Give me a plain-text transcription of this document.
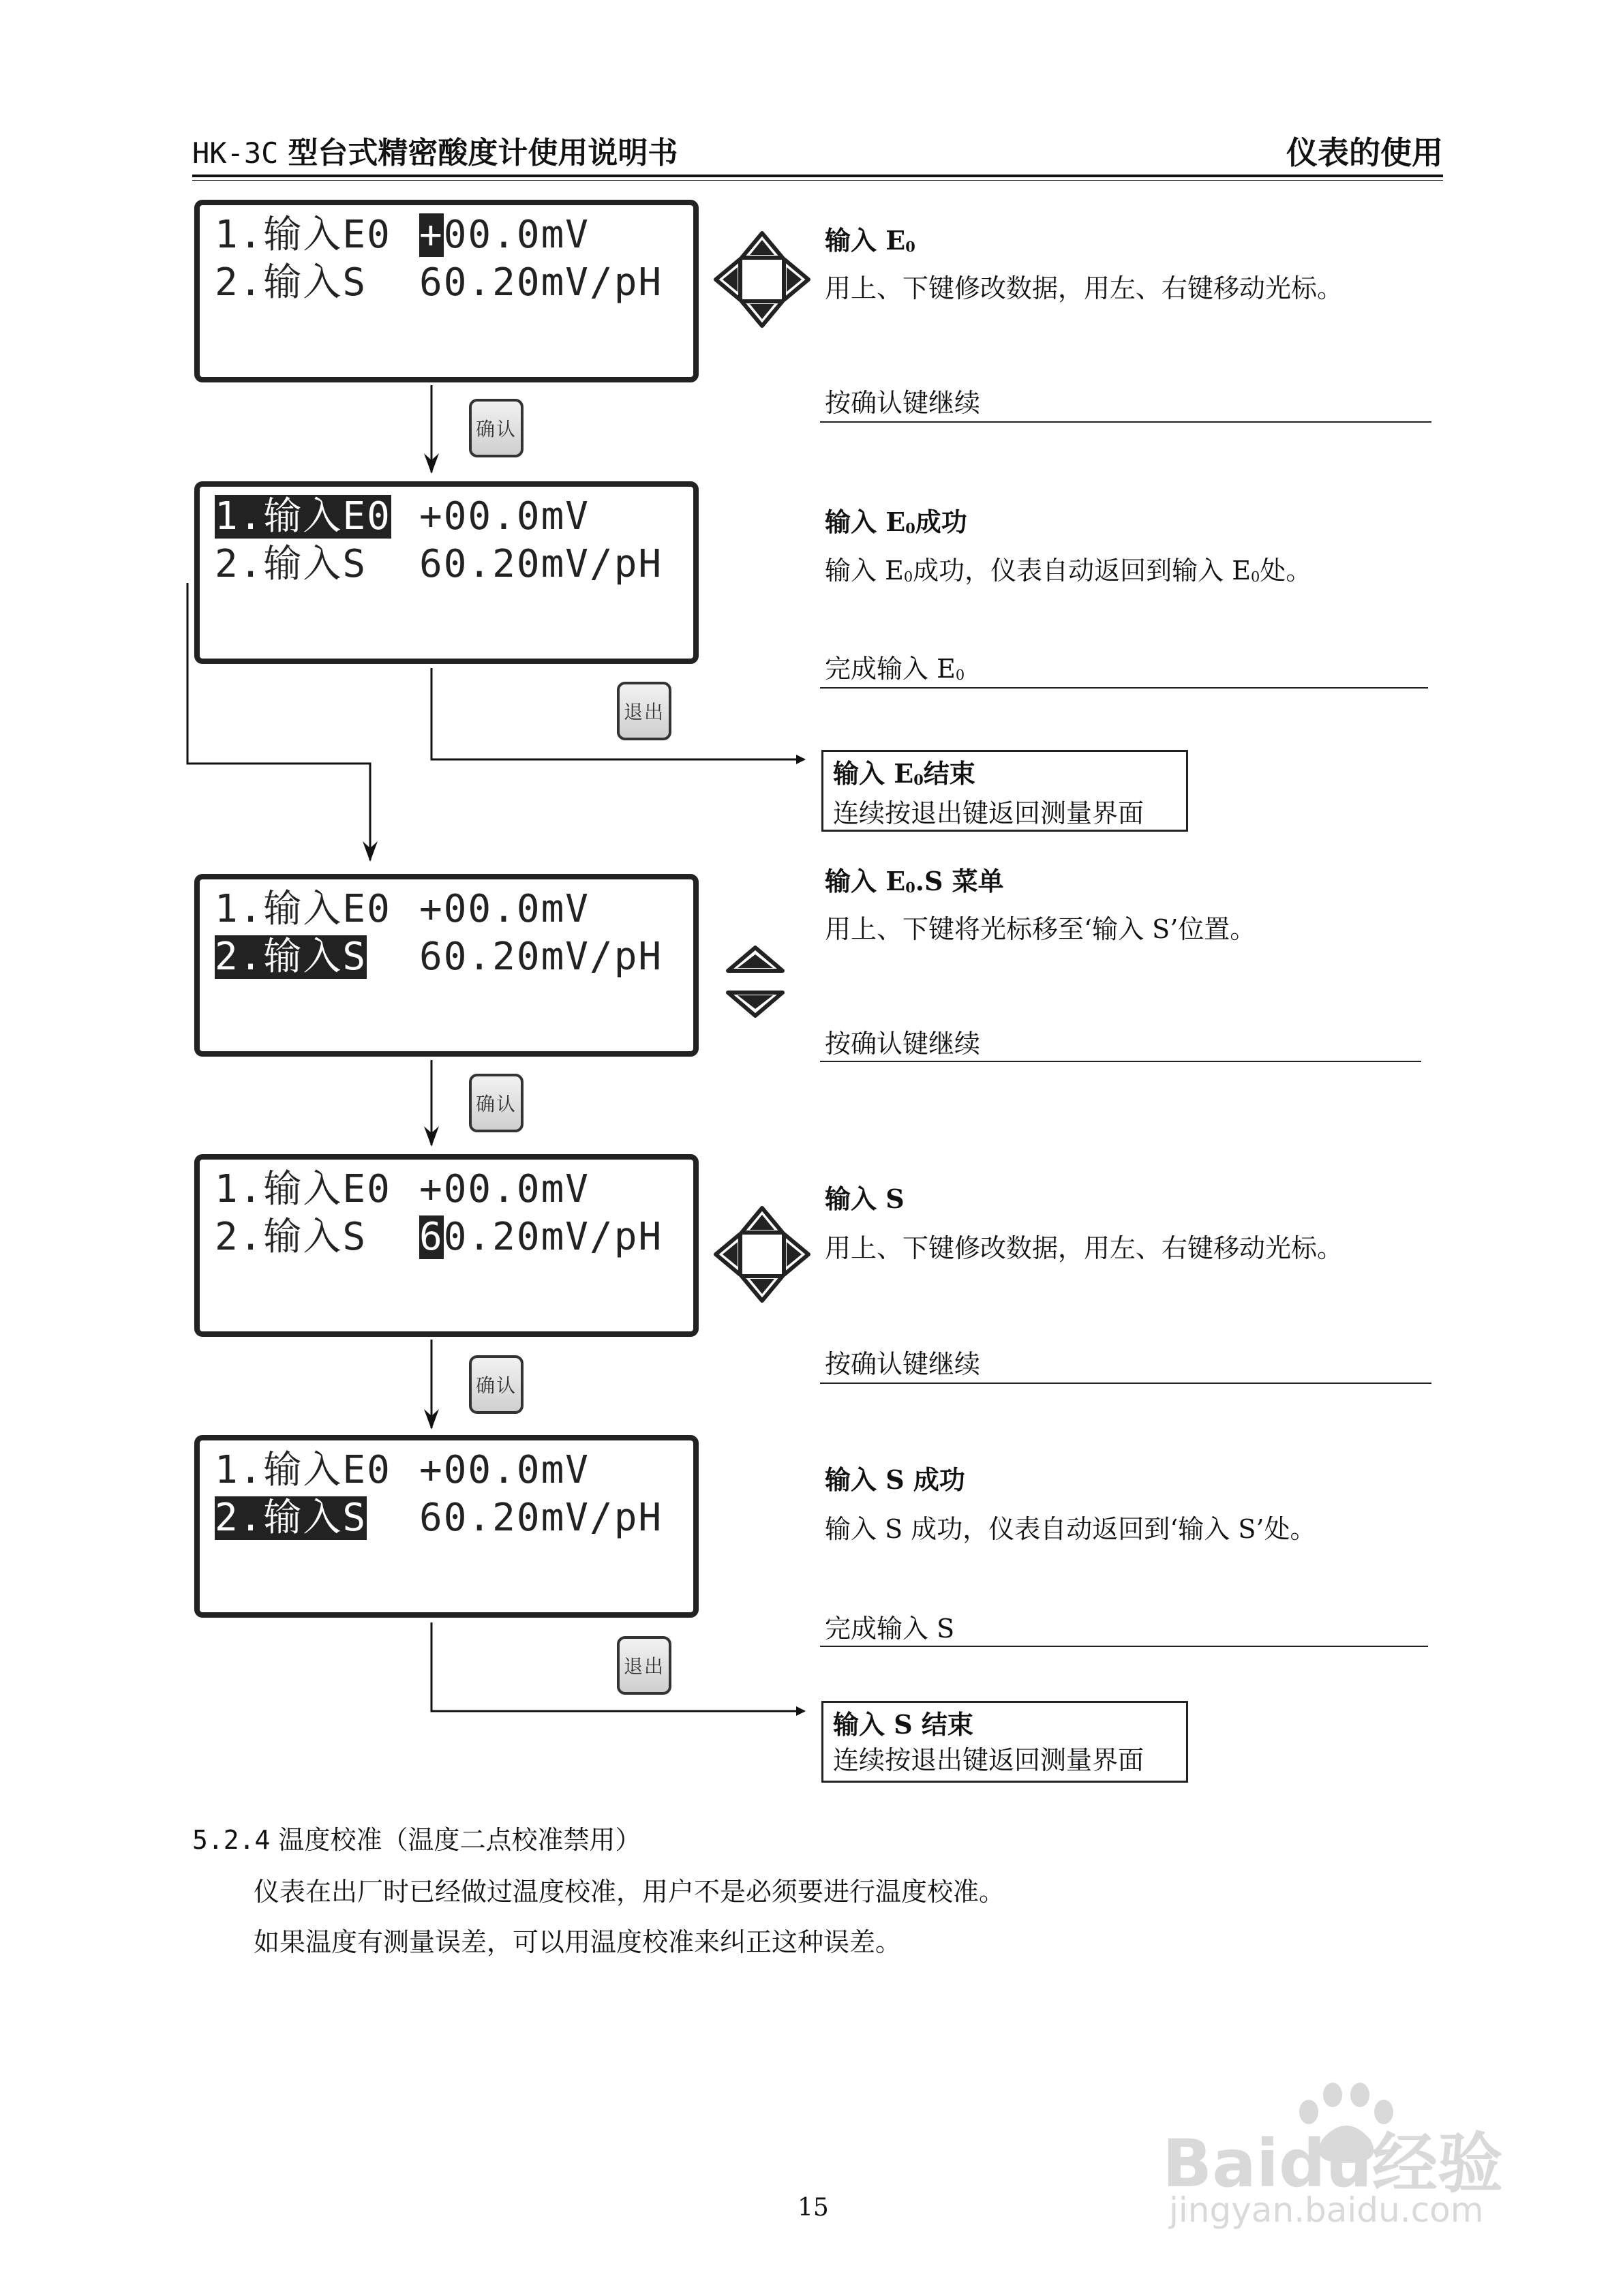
HK-3C 型台式精密酸度计使用说明书	仪表的使用
1.输入E0 +00.0mV
2.输入S 60.20mV/pH
输入 $E_0$
用上、下键修改数据，用左、右键移动光标。
按确认键继续
确认
1.输入E0 +00.0mV
2.输入S 60.20mV/pH
输入 $E_0$成功
输入 $E_0$成功，仪表自动返回到输入 $E_0$处。
完成输入 $E_0$
退出
输入 $E_0$结束
连续按退出键返回测量界面
1.输入E0 +00.0mV
2.输入S 60.20mV/pH
输入 $E_0.S$ 菜单
用上、下键将光标移至‘输入 S’位置。
按确认键继续
确认
1.输入E0 +00.0mV
2.输入S 60.20mV/pH
输入 S
用上、下键修改数据，用左、右键移动光标。
按确认键继续
确认
1.输入E0 +00.0mV
2.输入S 60.20mV/pH
输入 S 成功
输入 S 成功，仪表自动返回到‘输入 S’处。
完成输入 S
退出
输入 S 结束
连续按退出键返回测量界面
5.2.4 温度校准（温度二点校准禁用）
仪表在出厂时已经做过温度校准，用户不是必须要进行温度校准。
如果温度有测量误差，可以用温度校准来纠正这种误差。
15
Baidu经验
jingyan.baidu.com
